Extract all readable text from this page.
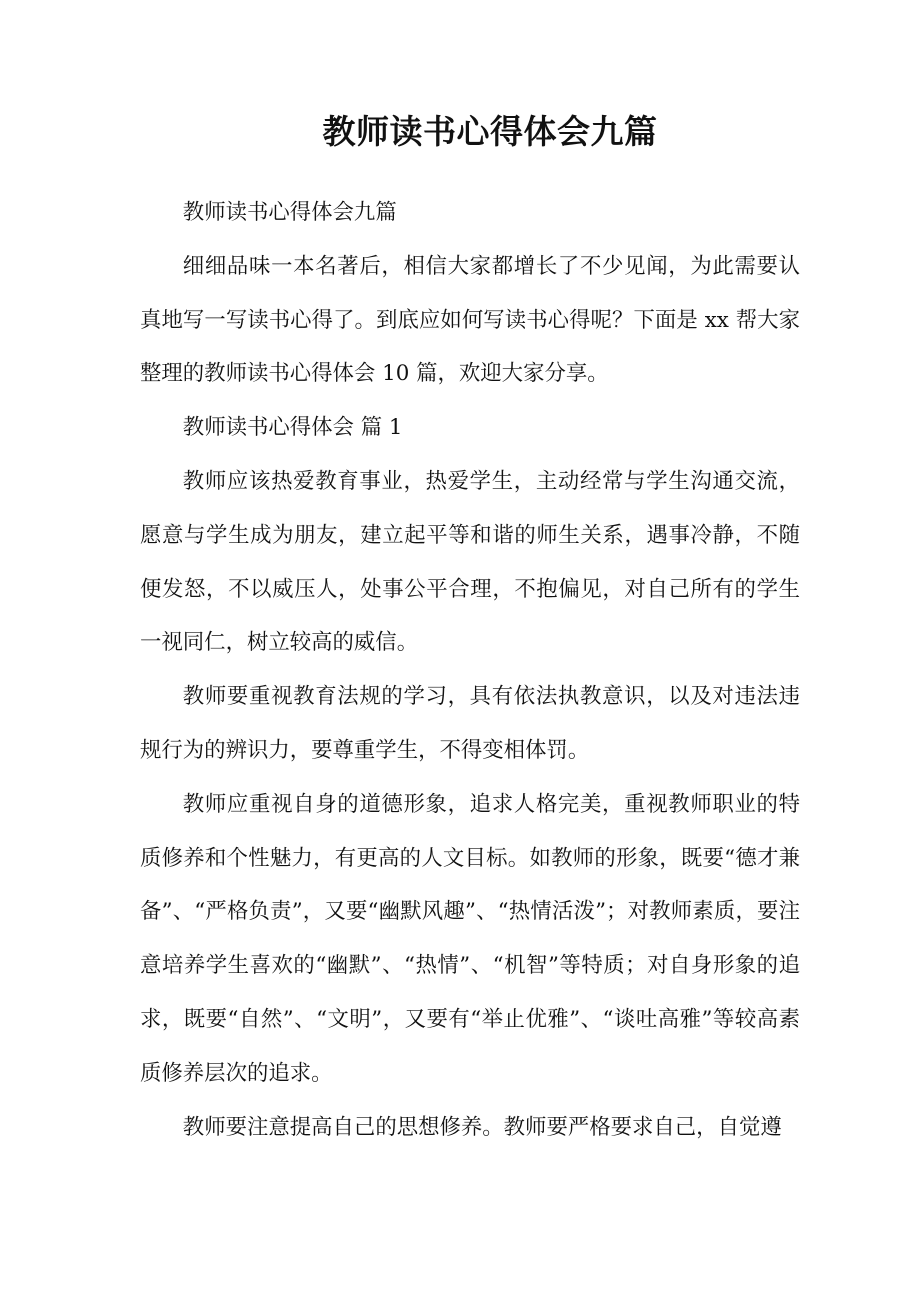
教师读书心得体会九篇

教师读书心得体会九篇

细细品味一本名著后，相信大家都增长了不少见闻，为此需要认真地写一写读书心得了。到底应如何写读书心得呢？下面是 xx 帮大家整理的教师读书心得体会 10 篇，欢迎大家分享。

教师读书心得体会 篇 1

教师应该热爱教育事业，热爱学生，主动经常与学生沟通交流，愿意与学生成为朋友，建立起平等和谐的师生关系，遇事冷静，不随便发怒，不以威压人，处事公平合理，不抱偏见，对自己所有的学生一视同仁，树立较高的威信。

教师要重视教育法规的学习，具有依法执教意识，以及对违法违规行为的辨识力，要尊重学生，不得变相体罚。

教师应重视自身的道德形象，追求人格完美，重视教师职业的特质修养和个性魅力，有更高的人文目标。如教师的形象，既要“德才兼备”、“严格负责”，又要“幽默风趣”、“热情活泼”；对教师素质，要注意培养学生喜欢的“幽默”、“热情”、“机智”等特质；对自身形象的追求，既要“自然”、“文明”，又要有“举止优雅”、“谈吐高雅”等较高素质修养层次的追求。

教师要注意提高自己的思想修养。教师要严格要求自己，自觉遵
